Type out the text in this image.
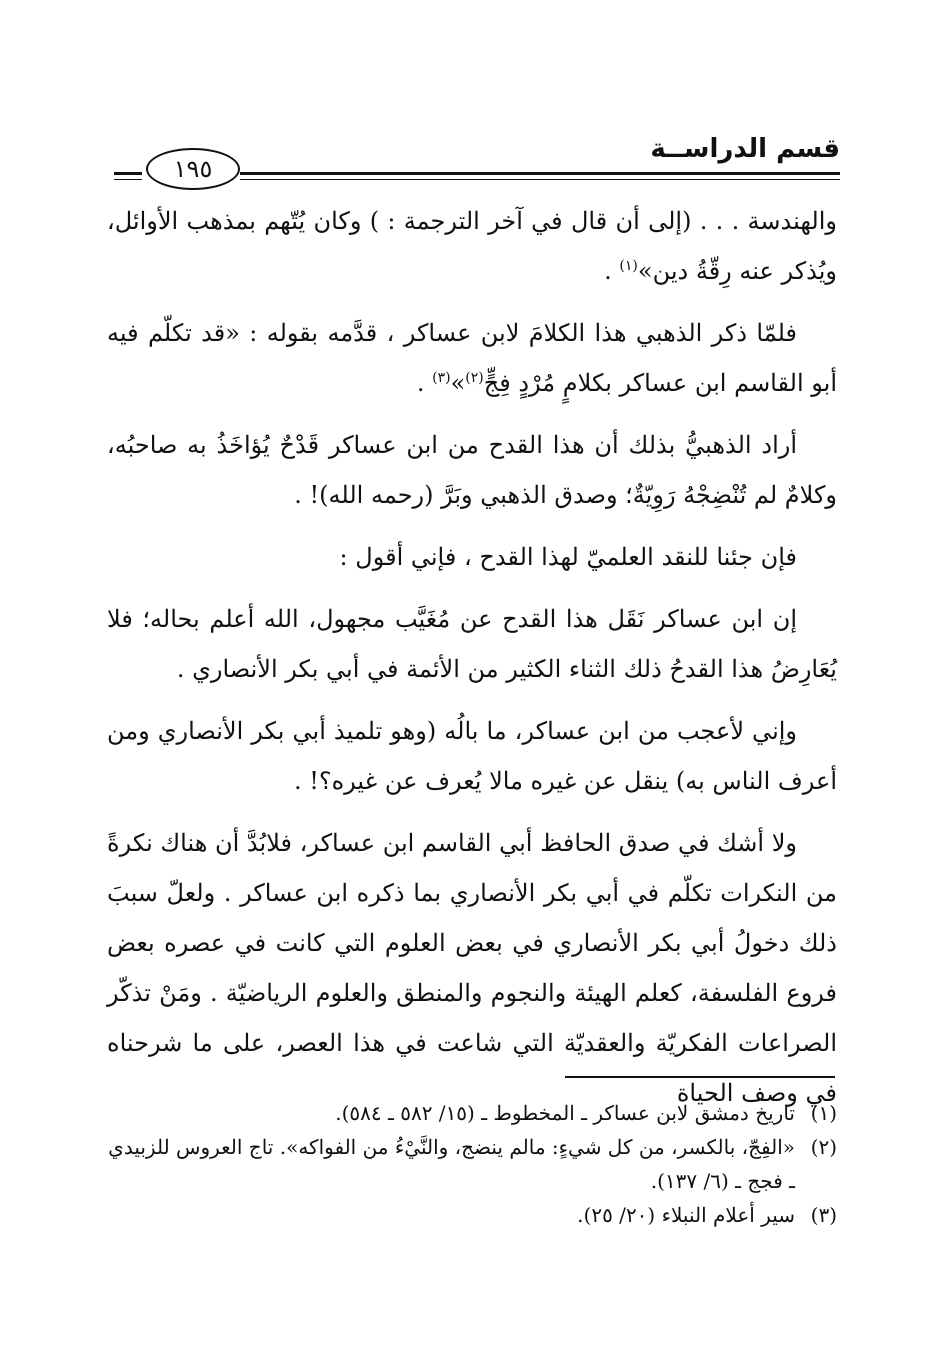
قسم الدراســة
١٩٥

والهندسة . . . (إلى أن قال في آخر الترجمة : ) وكان يُتّهم بمذهب الأوائل، ويُذكر عنه رِقّةُ دين»$^{(١)}$ .

فلمّا ذكر الذهبي هذا الكلامَ لابن عساكر ، قدَّمه بقوله : «قد تكلّم فيه أبو القاسم ابن عساكر بكلامٍ مُرْدٍ فِجٍّ$^{(٢)}$»$^{(٣)}$ .

أراد الذهبيُّ بذلك أن هذا القدح من ابن عساكر قَدْحٌ يُؤاخَذُ به صاحبُه، وكلامٌ لم تُنْضِجْهُ رَوِيّةٌ؛ وصدق الذهبي وبَرَّ (رحمه الله)! .

فإن جئنا للنقد العلميّ لهذا القدح ، فإني أقول :

إن ابن عساكر نَقَل هذا القدح عن مُغَيَّب مجهول، الله أعلم بحاله؛ فلا يُعَارِضُ هذا القدحُ ذلك الثناء الكثير من الأئمة في أبي بكر الأنصاري .

وإني لأعجب من ابن عساكر، ما بالُه (وهو تلميذ أبي بكر الأنصاري ومن أعرف الناس به) ينقل عن غيره مالا يُعرف عن غيره؟! .

ولا أشك في صدق الحافظ أبي القاسم ابن عساكر، فلابُدَّ أن هناك نكرةً من النكرات تكلّم في أبي بكر الأنصاري بما ذكره ابن عساكر . ولعلّ سببَ ذلك دخولُ أبي بكر الأنصاري في بعض العلوم التي كانت في عصره بعض فروع الفلسفة، كعلم الهيئة والنجوم والمنطق والعلوم الرياضيّة . ومَنْ تذكّر الصراعات الفكريّة والعقديّة التي شاعت في هذا العصر، على ما شرحناه في وصف الحياة

(١)
تاريخ دمشق لابن عساكر ـ المخطوط ـ (١٥/ ٥٨٢ ـ ٥٨٤).
(٢)
«الفِجّ، بالكسر، من كل شيءٍ: مالم ينضج، والنَّيْءُ من الفواكه». تاج العروس للزبيدي ـ فجج ـ (٦/ ١٣٧).
(٣)
سير أعلام النبلاء (٢٠/ ٢٥).
